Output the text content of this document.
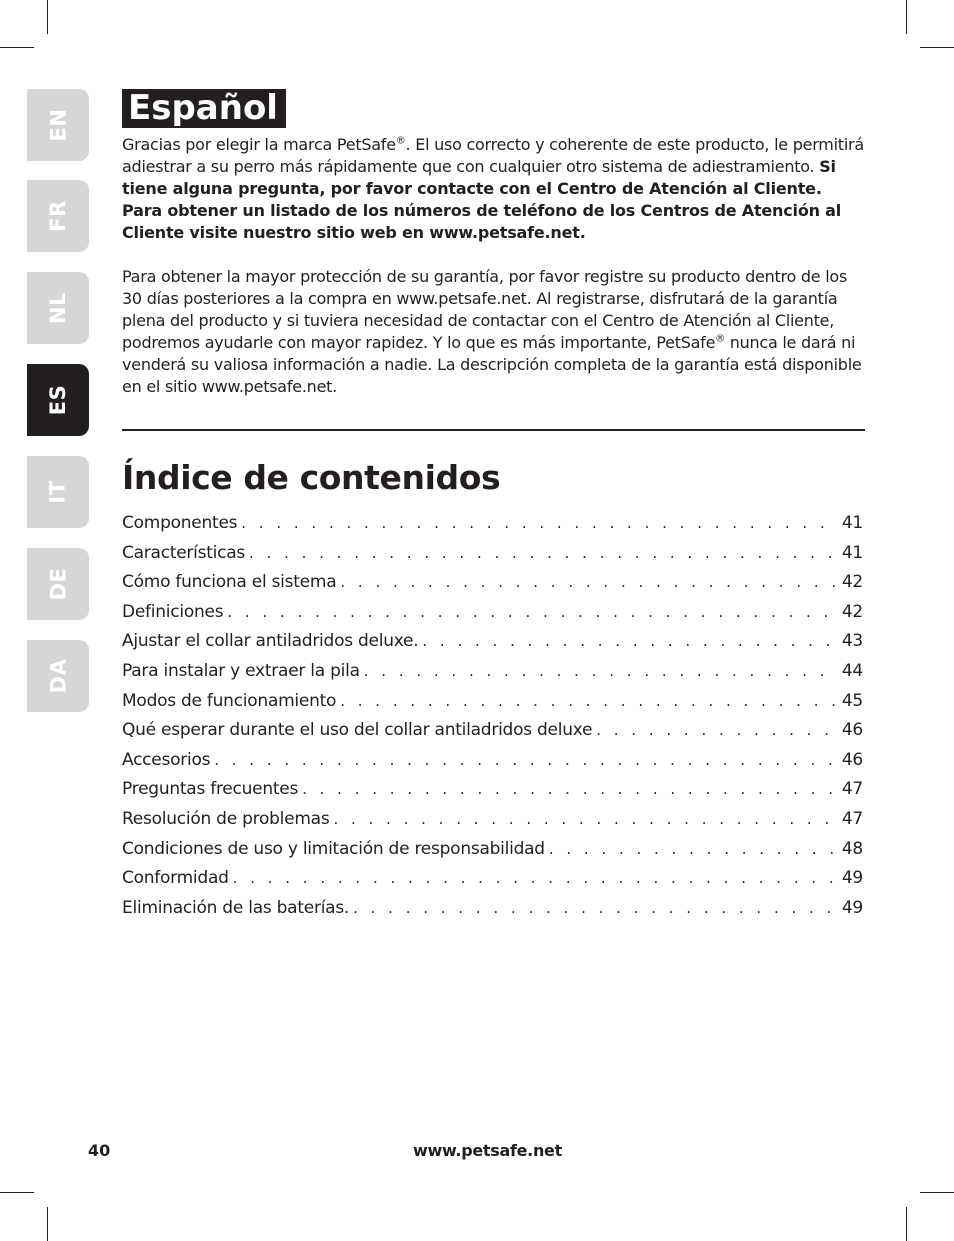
EN
FR
NL
ES
IT
DE
DA
Español

Gracias por elegir la marca PetSafe®. El uso correcto y coherente de este producto, le permitirá adiestrar a su perro más rápidamente que con cualquier otro sistema de adiestramiento. Si tiene alguna pregunta, por favor contacte con el Centro de Atención al Cliente. Para obtener un listado de los números de teléfono de los Centros de Atención al Cliente visite nuestro sitio web en www.petsafe.net.

Para obtener la mayor protección de su garantía, por favor registre su producto dentro de los 30 días posteriores a la compra en www.petsafe.net. Al registrarse, disfrutará de la garantía plena del producto y si tuviera necesidad de contactar con el Centro de Atención al Cliente, podremos ayudarle con mayor rapidez. Y lo que es más importante, PetSafe® nunca le dará ni venderá su valiosa información a nadie. La descripción completa de la garantía está disponible en el sitio www.petsafe.net.

Índice de contenidos
Componentes . . .	41
Características . . .	41
Cómo funciona el sistema . . .	42
Definiciones . . .	42
Ajustar el collar antiladridos deluxe. . . .	43
Para instalar y extraer la pila . . .	44
Modos de funcionamiento . . .	45
Qué esperar durante el uso del collar antiladridos deluxe . . .	46
Accesorios . . .	46
Preguntas frecuentes . . .	47
Resolución de problemas . . .	47
Condiciones de uso y limitación de responsabilidad . . .	48
Conformidad . . .	49
Eliminación de las baterías. . . .	49
40	www.petsafe.net
